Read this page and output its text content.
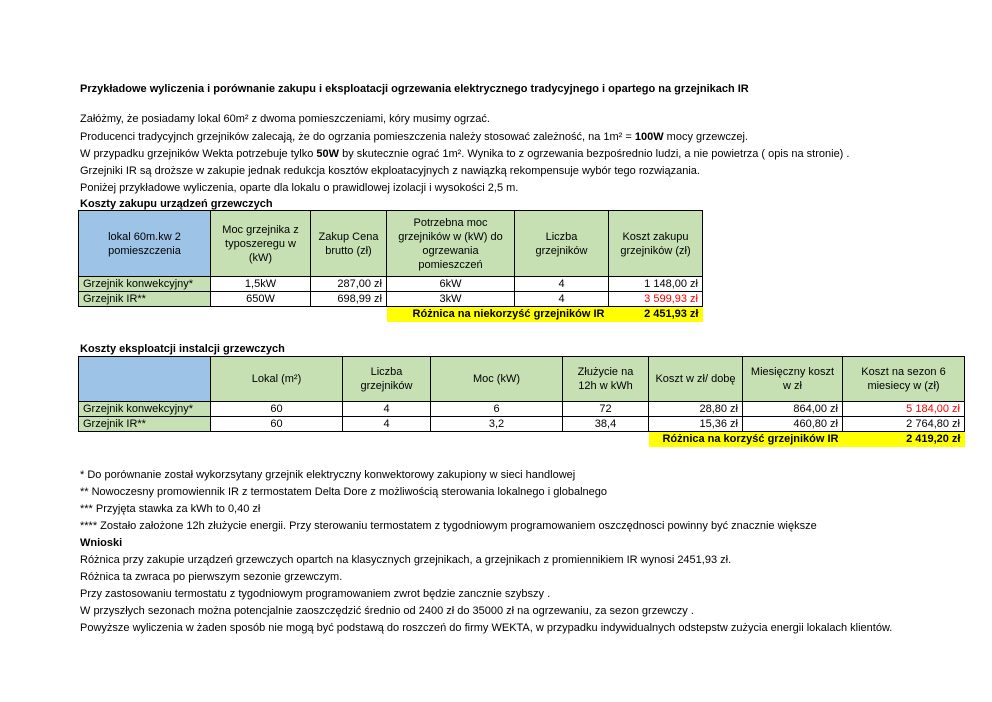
Przykładowe wyliczenia i porównanie zakupu i eksploatacji ogrzewania elektrycznego tradycyjnego i opartego na grzejnikach IR
Załóżmy, że posiadamy lokal 60m² z dwoma pomieszczeniami, kóry musimy ogrzać.
Producenci tradycyjnch grzejników zalecają, że do ogrzania pomieszczenia należy stosować zależność, na 1m² = 100W mocy grzewczej.
W przypadku grzejników Wekta potrzebuje tylko 50W by skutecznie ograć 1m². Wynika to z ogrzewania bezpośrednio ludzi, a nie powietrza ( opis na stronie) .
Grzejniki IR są droższe w zakupie jednak redukcja kosztów ekploatacyjnych z nawiązką rekompensuje wybór tego rozwiązania.
Poniżej przykładowe wyliczenia, oparte dla lokalu o prawidlowej izolacji i wysokości 2,5 m.
Koszty zakupu urządzeń grzewczych
lokal 60m.kw 2 pomieszczenia	Moc grzejnika z typoszeregu w (kW)	Zakup Cena brutto (zł)	Potrzebna moc grzejników w (kW) do ogrzewania pomieszczeń	Liczba grzejników	Koszt zakupu grzejników (zł)
Grzejnik konwekcyjny*	1,5kW	287,00 zł	6kW	4	1 148,00 zł
Grzejnik IR**	650W	698,99 zł	3kW	4	3 599,93 zł
			Różnica na niekorzyść grzejników IR		2 451,93 zł
Koszty eksploatcji instalcji grzewczych
	Lokal (m²)	Liczba grzejników	Moc (kW)	Złużycie na 12h w kWh	Koszt w zł/ dobę	Miesięczny koszt w zł	Koszt na sezon 6 miesiecy w (zł)
Grzejnik konwekcyjny*	60	4	6	72	28,80 zł	864,00 zł	5 184,00 zł
Grzejnik IR**	60	4	3,2	38,4	15,36 zł	460,80 zł	2 764,80 zł
					Różnica na korzyść grzejników IR		2 419,20 zł
* Do porównanie został wykorzsytany grzejnik elektryczny konwektorowy zakupiony w sieci handlowej
** Nowoczesny promowiennik IR z termostatem Delta Dore z możliwością sterowania lokalnego i globalnego
*** Przyjęta stawka za kWh to 0,40 zł
**** Zostało założone 12h złużycie energii. Przy sterowaniu termostatem z tygodniowym programowaniem oszczędnosci powinny być znacznie większe
Wnioski
Różnica przy zakupie urządzeń grzewczych opartch na klasycznych grzejnikach, a grzejnikach z promiennikiem IR wynosi 2451,93 zł.
Różnica ta zwraca po pierwszym sezonie grzewczym.
Przy zastosowaniu termostatu z tygodniowym programowaniem zwrot będzie zancznie szybszy .
W przyszłych sezonach można potencjalnie zaoszczędzić średnio od 2400 zł do 35000 zł na ogrzewaniu, za sezon grzewczy .
Powyższe wyliczenia w żaden sposób nie mogą być podstawą do roszczeń do firmy WEKTA, w przypadku indywidualnych odstepstw zużycia energii lokalach klientów.
